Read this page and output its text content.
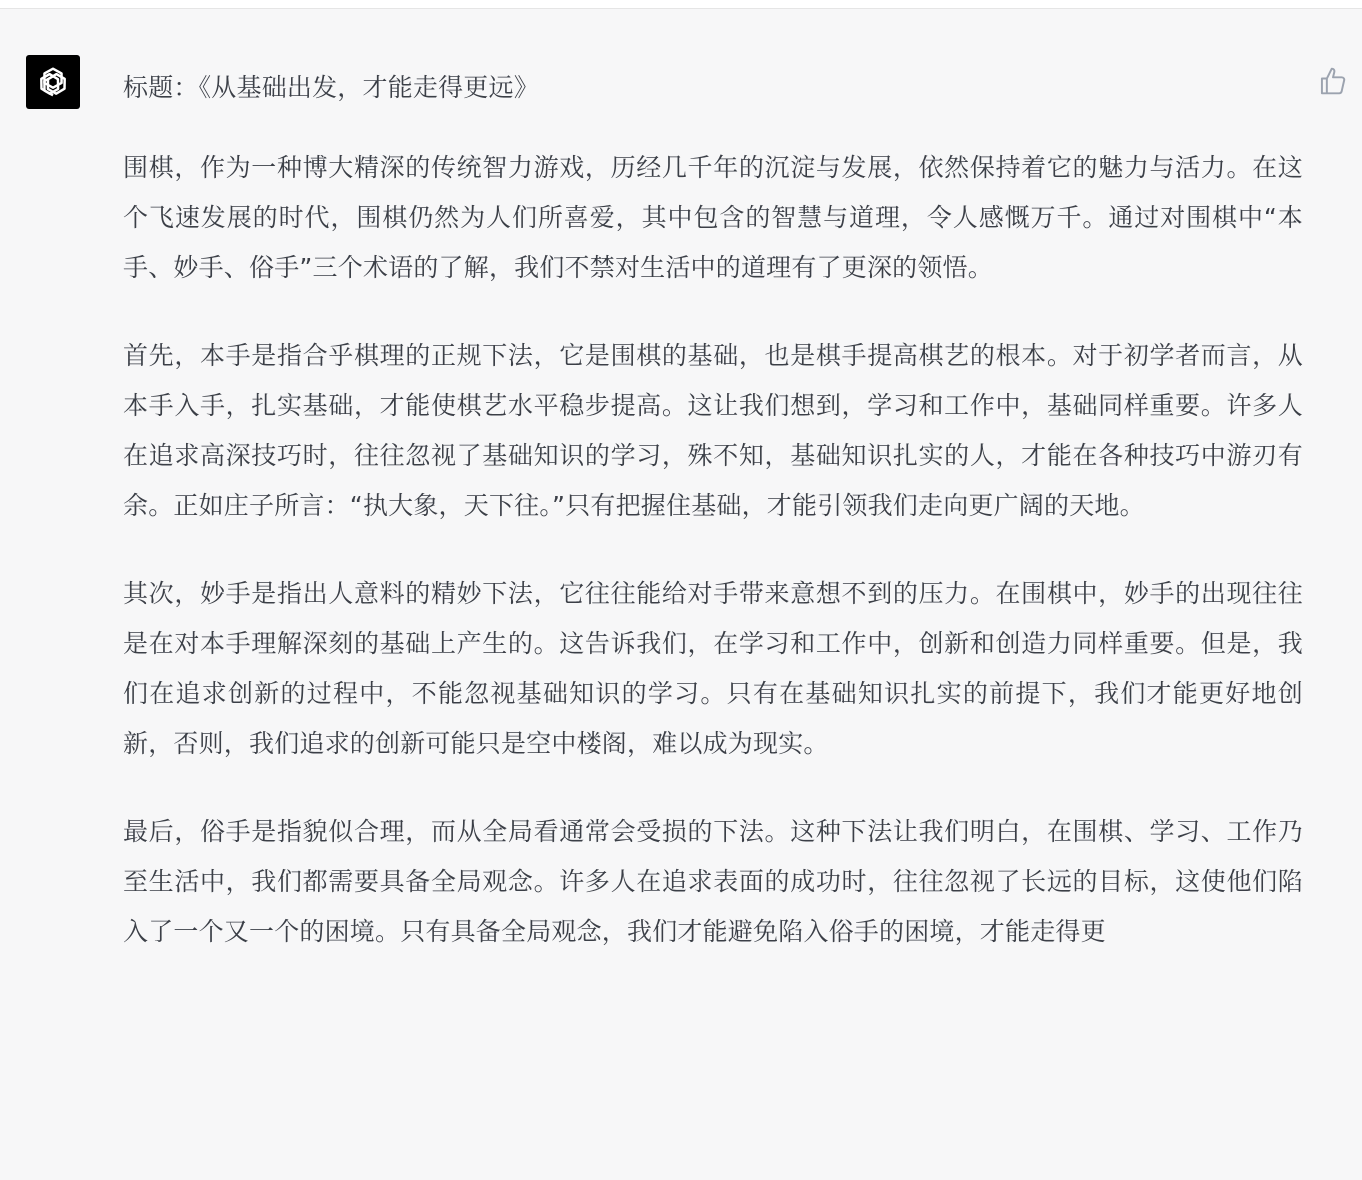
标题：《从基础出发，才能走得更远》

围棋，作为一种博大精深的传统智力游戏，历经几千年的沉淀与发展，依然保持着它的魅力与活力。在这个飞速发展的时代，围棋仍然为人们所喜爱，其中包含的智慧与道理，令人感慨万千。通过对围棋中“本手、妙手、俗手”三个术语的了解，我们不禁对生活中的道理有了更深的领悟。

首先，本手是指合乎棋理的正规下法，它是围棋的基础，也是棋手提高棋艺的根本。对于初学者而言，从本手入手，扎实基础，才能使棋艺水平稳步提高。这让我们想到，学习和工作中，基础同样重要。许多人在追求高深技巧时，往往忽视了基础知识的学习，殊不知，基础知识扎实的人，才能在各种技巧中游刃有余。正如庄子所言：“执大象，天下往。”只有把握住基础，才能引领我们走向更广阔的天地。

其次，妙手是指出人意料的精妙下法，它往往能给对手带来意想不到的压力。在围棋中，妙手的出现往往是在对本手理解深刻的基础上产生的。这告诉我们，在学习和工作中，创新和创造力同样重要。但是，我们在追求创新的过程中，不能忽视基础知识的学习。只有在基础知识扎实的前提下，我们才能更好地创新，否则，我们追求的创新可能只是空中楼阁，难以成为现实。

最后，俗手是指貌似合理，而从全局看通常会受损的下法。这种下法让我们明白，在围棋、学习、工作乃至生活中，我们都需要具备全局观念。许多人在追求表面的成功时，往往忽视了长远的目标，这使他们陷入了一个又一个的困境。只有具备全局观念，我们才能避免陷入俗手的困境，才能走得更
